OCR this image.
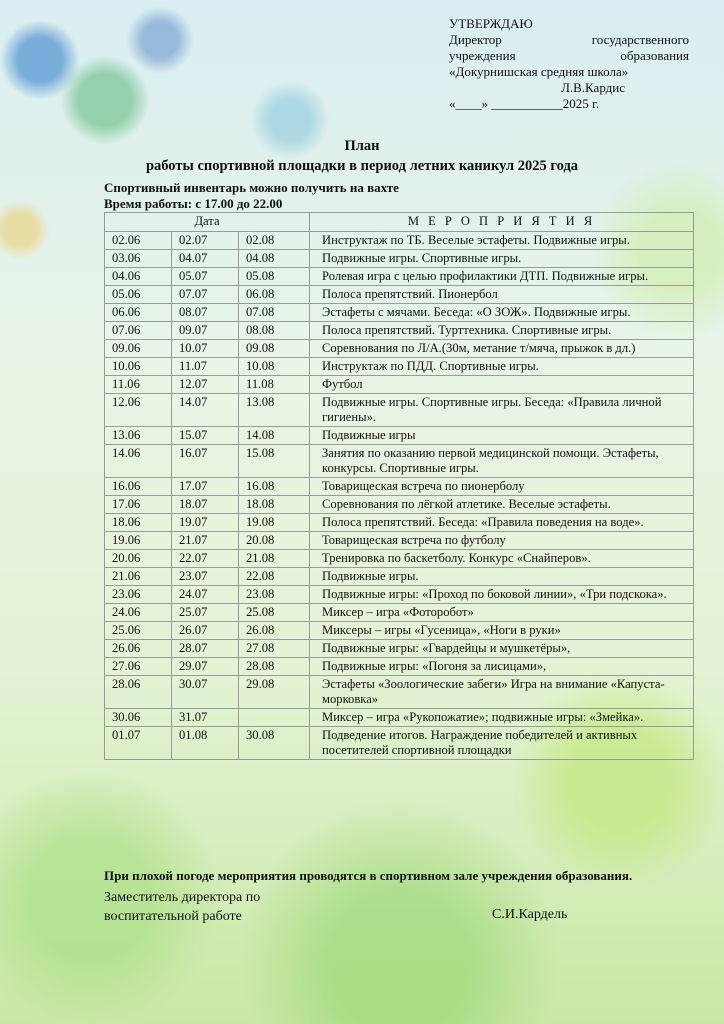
УТВЕРЖДАЮ
Директор государственного
учреждения образования
«Докурнишская средняя школа»
Л.В.Кардис
«____» ___________2025 г.
План
работы спортивной площадки в период летних каникул 2025 года
Спортивный инвентарь можно получить на вахте
Время работы: с 17.00 до 22.00
Дата			М Е Р О П Р И Я Т И Я
02.06	02.07	02.08	Инструктаж по ТБ. Веселые эстафеты. Подвижные игры.
03.06	04.07	04.08	Подвижные игры. Спортивные игры.
04.06	05.07	05.08	Ролевая игра с целью профилактики ДТП. Подвижные игры.
05.06	07.07	06.08	Полоса препятствий. Пионербол
06.06	08.07	07.08	Эстафеты с мячами. Беседа: «О ЗОЖ». Подвижные игры.
07.06	09.07	08.08	Полоса препятствий. Турттехника. Спортивные игры.
09.06	10.07	09.08	Соревнования по Л/А.(30м, метание т/мяча, прыжок в дл.)
10.06	11.07	10.08	Инструктаж по ПДД. Спортивные игры.
11.06	12.07	11.08	Футбол
12.06	14.07	13.08	Подвижные игры. Спортивные игры. Беседа: «Правила личной гигиены».
13.06	15.07	14.08	Подвижные игры
14.06	16.07	15.08	Занятия по оказанию первой медицинской помощи. Эстафеты, конкурсы. Спортивные игры.
16.06	17.07	16.08	Товарищеская встреча по пионерболу
17.06	18.07	18.08	Соревнования по лёгкой атлетике. Веселые эстафеты.
18.06	19.07	19.08	Полоса препятствий. Беседа: «Правила поведения на воде».
19.06	21.07	20.08	Товарищеская встреча по футболу
20.06	22.07	21.08	Тренировка по баскетболу. Конкурс «Снайперов».
21.06	23.07	22.08	Подвижные игры.
23.06	24.07	23.08	Подвижные игры: «Проход по боковой линии», «Три подскока».
24.06	25.07	25.08	Миксер – игра «Фоторобот»
25.06	26.07	26.08	Миксеры – игры «Гусеница», «Ноги в руки»
26.06	28.07	27.08	Подвижные игры: «Гвардейцы и мушкетёры»,
27.06	29.07	28.08	Подвижные игры: «Погоня за лисицами»,
28.06	30.07	29.08	Эстафеты «Зоологические забеги» Игра на внимание «Капуста-морковка»
30.06	31.07		Миксер – игра «Рукопожатие»; подвижные игры: «Змейка».
01.07	01.08	30.08	Подведение итогов. Награждение победителей и активных посетителей спортивной площадки
При плохой погоде мероприятия проводятся в спортивном зале учреждения образования.
Заместитель директора по
воспитательной работе	С.И.Кардель
